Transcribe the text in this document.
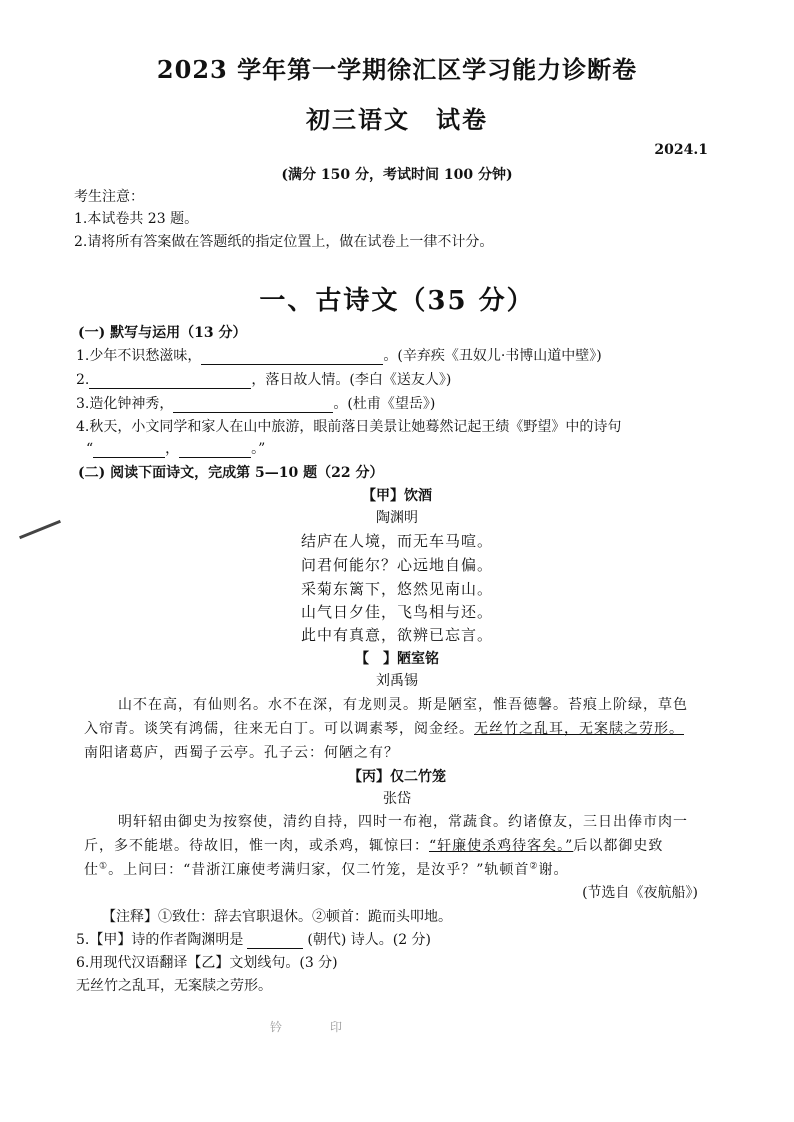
2023 学年第一学期徐汇区学习能力诊断卷
初三语文　试卷
2024.1
(满分 150 分，考试时间 100 分钟)
考生注意：
1.本试卷共 23 题。
2.请将所有答案做在答题纸的指定位置上，做在试卷上一律不计分。
一、古诗文（35 分）
(一) 默写与运用（13 分）
1.少年不识愁滋味，	。(辛弃疾《丑奴儿·书博山道中壁》)
2.	，落日故人情。(李白《送友人》)
3.造化钟神秀，	。(杜甫《望岳》)
4.秋天，小文同学和家人在山中旅游，眼前落日美景让她蓦然记起王绩《野望》中的诗句
“	，	。”
(二) 阅读下面诗文，完成第 5—10 题（22 分）
【甲】饮酒
陶渊明
结庐在人境，而无车马喧。
问君何能尔？心远地自偏。
采菊东篱下，悠然见南山。
山气日夕佳，飞鸟相与还。
此中有真意，欲辨已忘言。
【　】陋室铭
刘禹锡
山不在高，有仙则名。水不在深，有龙则灵。斯是陋室，惟吾德馨。苔痕上阶绿，草色
入帘青。谈笑有鸿儒，往来无白丁。可以调素琴，阅金经。无丝竹之乱耳，无案牍之劳形。
南阳诸葛庐，西蜀子云亭。孔子云：何陋之有？
【丙】仅二竹笼
张岱
明轩轺由御史为按察使，清约自持，四时一布袍，常蔬食。约诸僚友，三日出俸市肉一
斤，多不能堪。待故旧，惟一肉，或杀鸡，辄惊曰：“轩廉使杀鸡待客矣。”后以都御史致
仕①。上问曰：“昔浙江廉使考满归家，仅二竹笼，是汝乎？”轨顿首②谢。
(节选自《夜航船》)
【注释】①致仕：辞去官职退休。②顿首：跪而头叩地。
5.【甲】诗的作者陶渊明是	(朝代) 诗人。(2 分)
6.用现代汉语翻译【乙】文划线句。(3 分)
无丝竹之乱耳，无案牍之劳形。
钤　　印
